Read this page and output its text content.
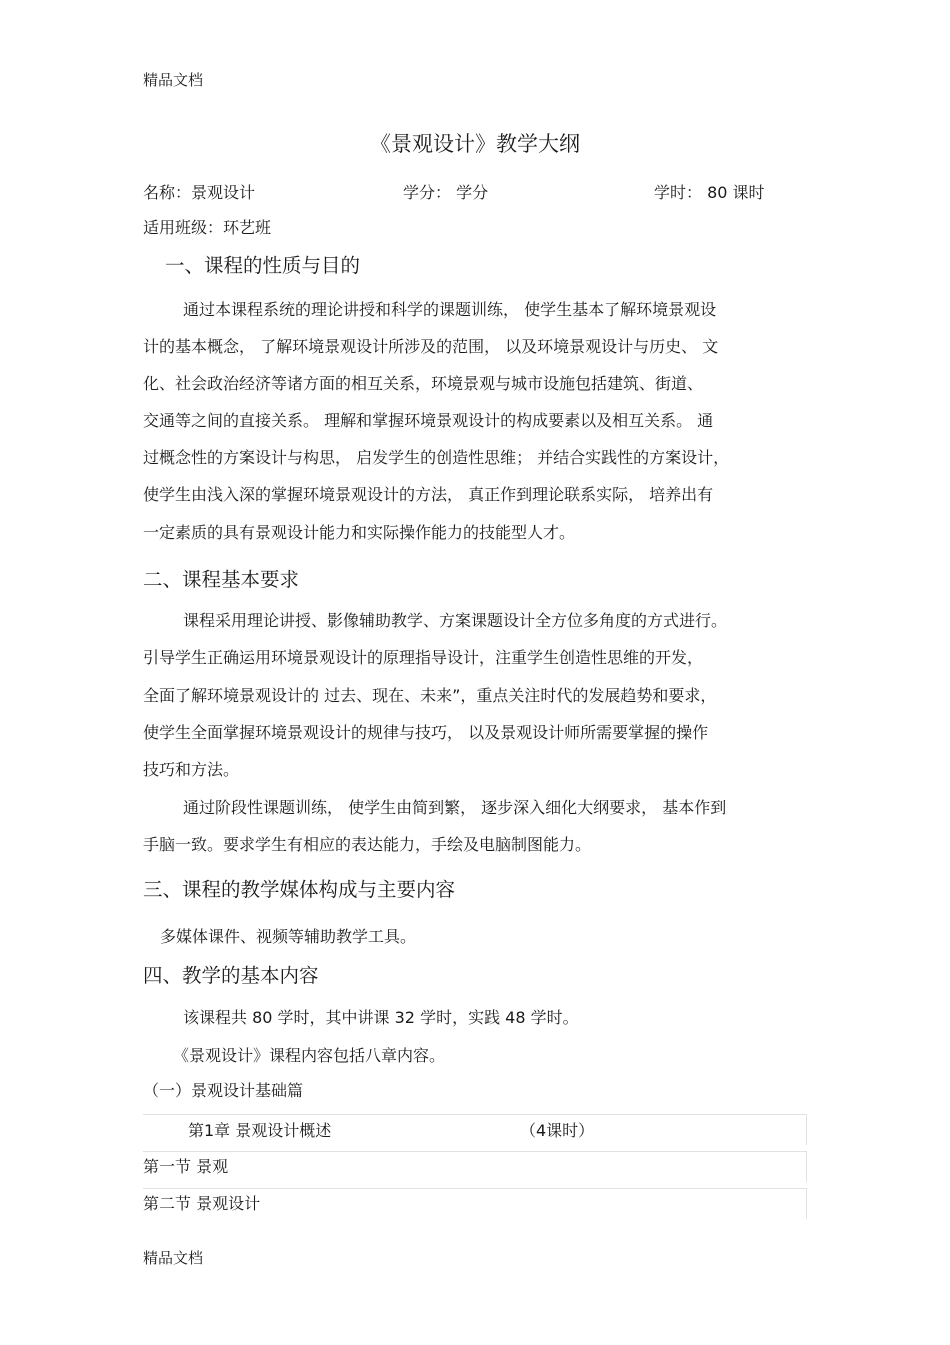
精品文档
《景观设计》教学大纲
名称：景观设计	学分： 学分	学时： 80 课时
适用班级：环艺班
一、课程的性质与目的
通过本课程系统的理论讲授和科学的课题训练， 使学生基本了解环境景观设
计的基本概念， 了解环境景观设计所涉及的范围， 以及环境景观设计与历史、 文
化、社会政治经济等诸方面的相互关系，环境景观与城市设施包括建筑、街道、
交通等之间的直接关系。 理解和掌握环境景观设计的构成要素以及相互关系。 通
过概念性的方案设计与构思， 启发学生的创造性思维； 并结合实践性的方案设计，
使学生由浅入深的掌握环境景观设计的方法， 真正作到理论联系实际， 培养出有
一定素质的具有景观设计能力和实际操作能力的技能型人才。
二、课程基本要求
课程采用理论讲授、影像辅助教学、方案课题设计全方位多角度的方式进行。
引导学生正确运用环境景观设计的原理指导设计，注重学生创造性思维的开发，
全面了解环境景观设计的 过去、现在、未来”，重点关注时代的发展趋势和要求，
使学生全面掌握环境景观设计的规律与技巧， 以及景观设计师所需要掌握的操作
技巧和方法。
通过阶段性课题训练， 使学生由简到繁， 逐步深入细化大纲要求， 基本作到
手脑一致。要求学生有相应的表达能力，手绘及电脑制图能力。
三、课程的教学媒体构成与主要内容
多媒体课件、视频等辅助教学工具。
四、教学的基本内容
该课程共 80 学时，其中讲课 32 学时，实践 48 学时。
《景观设计》课程内容包括八章内容。
（一）景观设计基础篇
第1章 景观设计概述	（4课时）
第一节 景观
第二节 景观设计
精品文档
